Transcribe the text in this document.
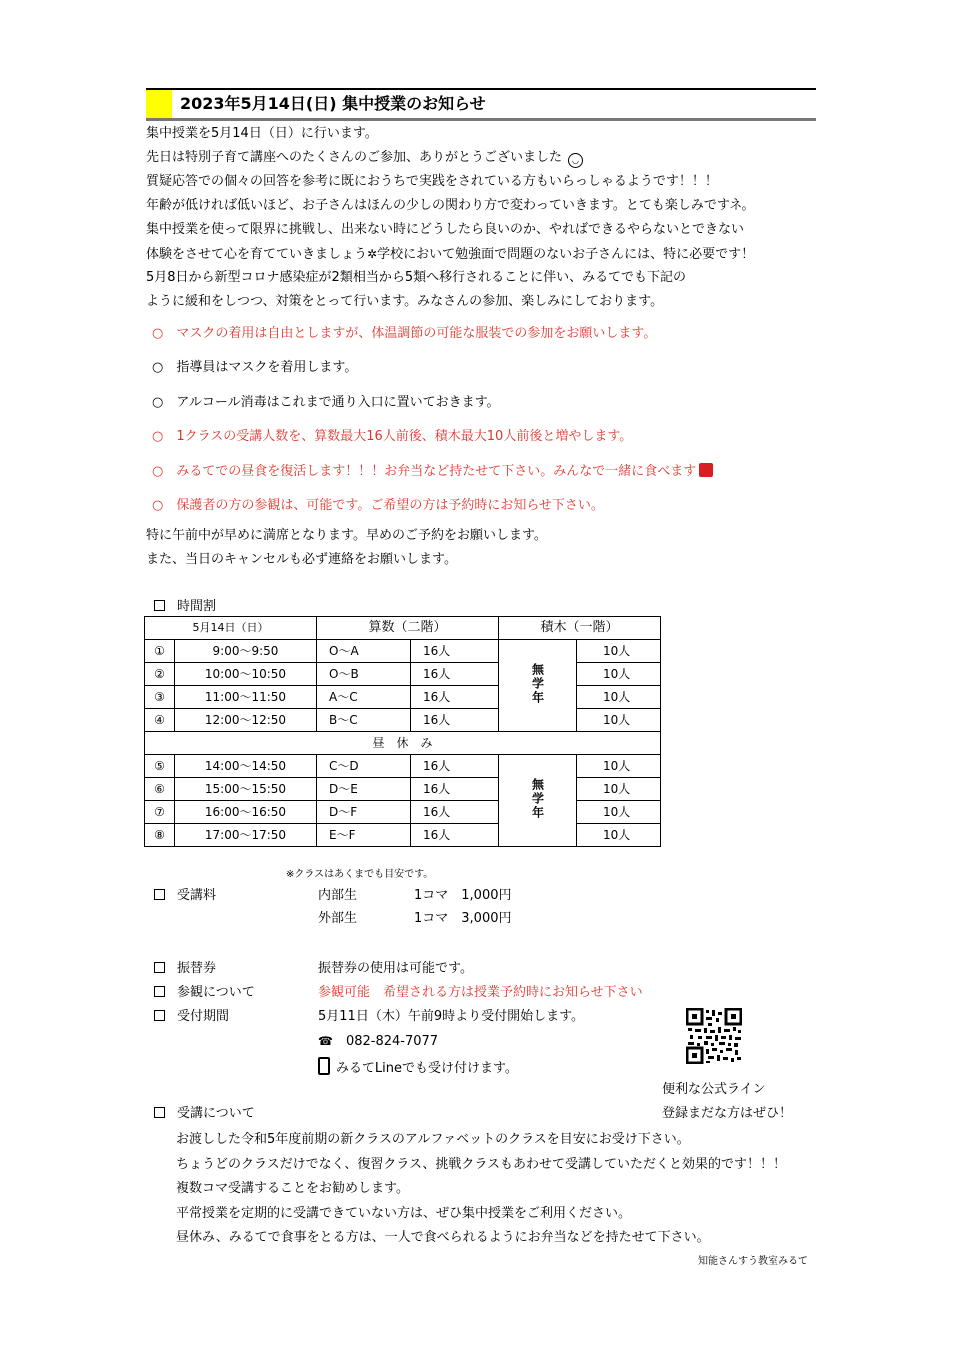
2023年5月14日(日) 集中授業のお知らせ
集中授業を5月14日（日）に行います。
先日は特別子育て講座へのたくさんのご参加、ありがとうございました ◡
質疑応答での個々の回答を参考に既におうちで実践をされている方もいらっしゃるようです！！！
年齢が低ければ低いほど、お子さんはほんの少しの関わり方で変わっていきます。とても楽しみですネ。
集中授業を使って限界に挑戦し、出来ない時にどうしたら良いのか、やればできるやらないとできない
体験をさせて心を育てていきましょう✲学校において勉強面で問題のないお子さんには、特に必要です！
5月8日から新型コロナ感染症が2類相当から5類へ移行されることに伴い、みるてでも下記の
ように緩和をしつつ、対策をとって行います。みなさんの参加、楽しみにしております。
○　 マスクの着用は自由としますが、体温調節の可能な服装での参加をお願いします。
○　 指導員はマスクを着用します。
○　 アルコール消毒はこれまで通り入口に置いておきます。
○　 1クラスの受講人数を、算数最大16人前後、積木最大10人前後と増やします。
○　 みるてでの昼食を復活します！！！お弁当など持たせて下さい。みんなで一緒に食べます
○　 保護者の方の参観は、可能です。ご希望の方は予約時にお知らせ下さい。
特に午前中が早めに満席となります。早めのご予約をお願いします。
また、当日のキャンセルも必ず連絡をお願いします。
時間割
5月14日（日）		算数（二階）		積木（一階）	
①	9:00～9:50	O～A	16人	無学年	10人
②	10:00～10:50	O～B	16人		10人
③	11:00～11:50	A～C	16人		10人
④	12:00～12:50	B～C	16人		10人
昼　休　み					
⑤	14:00～14:50	C～D	16人	無学年	10人
⑥	15:00～15:50	D～E	16人		10人
⑦	16:00～16:50	D～F	16人		10人
⑧	17:00～17:50	E～F	16人		10人
※クラスはあくまでも目安です。
受講料	内部生	1コマ　1,000円
外部生	1コマ　3,000円
振替券	振替券の使用は可能です。
参観について	参観可能　希望される方は授業予約時にお知らせ下さい
受付期間	5月11日（木）午前9時より受付開始します。
☎　 082-824-7077
みるてLineでも受け付けます。
便利な公式ライン
登録まだな方はぜひ！
受講について
お渡しした令和5年度前期の新クラスのアルファベットのクラスを目安にお受け下さい。
ちょうどのクラスだけでなく、復習クラス、挑戦クラスもあわせて受講していただくと効果的です！！！
複数コマ受講することをお勧めします。
平常授業を定期的に受講できていない方は、ぜひ集中授業をご利用ください。
昼休み、みるてで食事をとる方は、一人で食べられるようにお弁当などを持たせて下さい。
知能さんすう教室みるて
